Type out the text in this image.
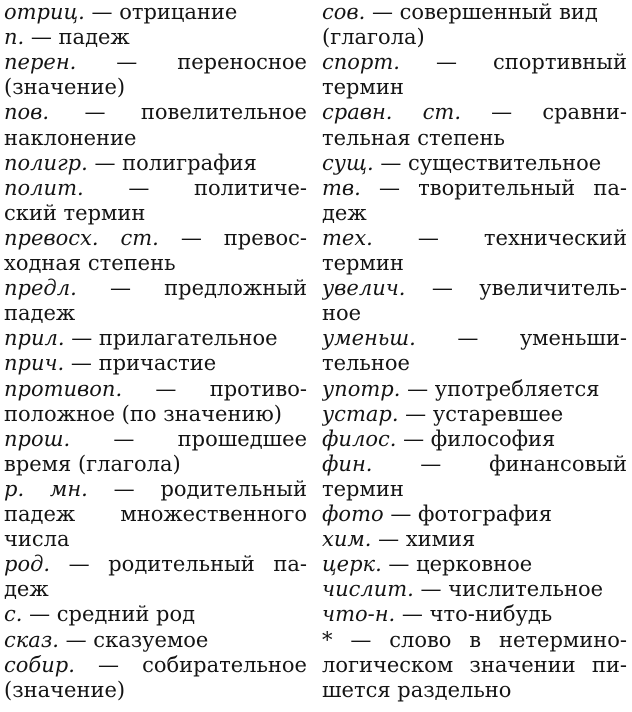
отриц. — отрицание
п. — падеж
перен. — переносное
(значение)
пов. — повелительное
наклонение
полигр. — полиграфия
полит. — политиче-
ский термин
превосх. ст. — превос-
ходная степень
предл. — предложный
падеж
прил. — прилагательное
прич. — причастие
противоп. — противо-
положное (по значению)
прош. — прошедшее
время (глагола)
р. мн. — родительный
падеж множественного
числа
род. — родительный па-
деж
с. — средний род
сказ. — сказуемое
собир. — собирательное
(значение)
сов. — совершенный вид
(глагола)
спорт. — спортивный
термин
сравн. ст. — сравни-
тельная степень
сущ. — существительное
тв. — творительный па-
деж
тех. — технический
термин
увелич. — увеличитель-
ное
уменьш. — уменьши-
тельное
употр. — употребляется
устар. — устаревшее
филос. — философия
фин. — финансовый
термин
фото — фотография
хим. — химия
церк. — церковное
числит. — числительное
что-н. — что-нибудь
* — слово в нетермино-
логическом значении пи-
шется раздельно
